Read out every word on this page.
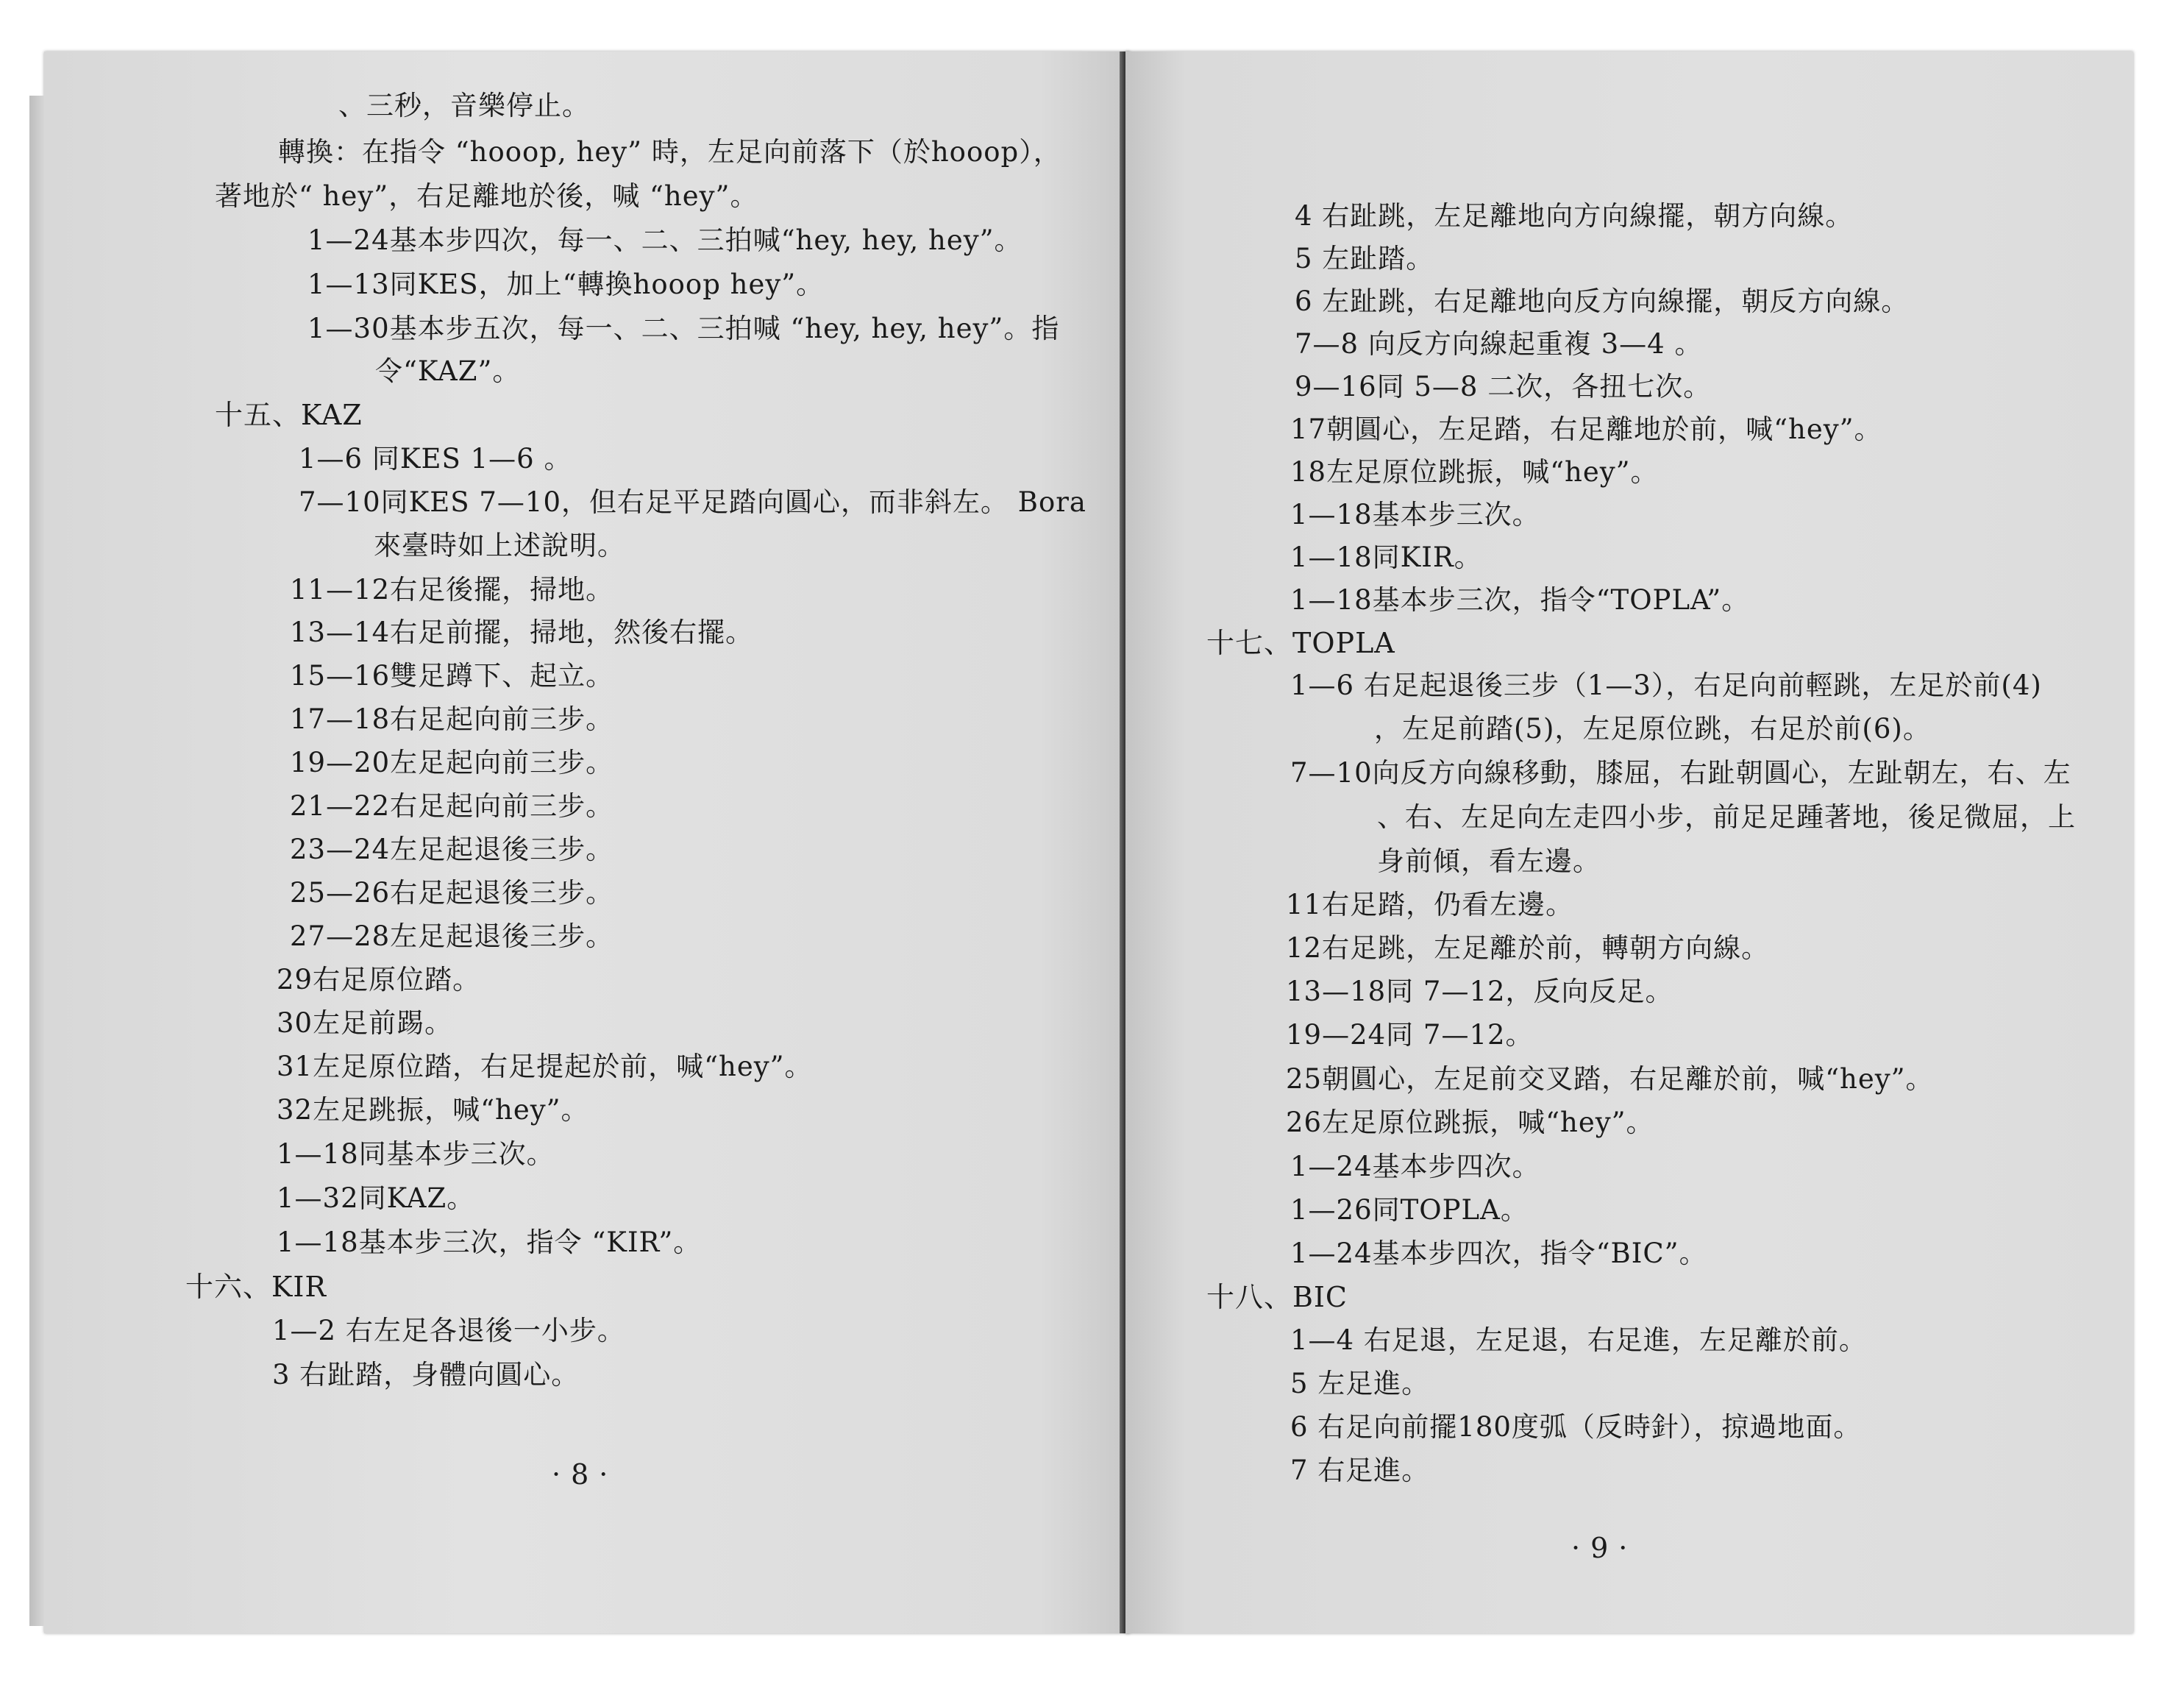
、三秒，音樂停止。
轉換：在指令 “hooop, hey” 時，左足向前落下（於hooop），
著地於“ hey”，右足離地於後，喊 “hey”。
1—24基本步四次，每一、二、三拍喊“hey, hey, hey”。
1—13同KES，加上“轉換hooop hey”。
1—30基本步五次，每一、二、三拍喊 “hey, hey, hey”。指
令“KAZ”。
十五、KAZ
1—6 同KES 1—6 。
7—10同KES 7—10，但右足平足踏向圓心，而非斜左。 Bora
來臺時如上述說明。
11—12右足後擺，掃地。
13—14右足前擺，掃地，然後右擺。
15—16雙足蹲下、起立。
17—18右足起向前三步。
19—20左足起向前三步。
21—22右足起向前三步。
23—24左足起退後三步。
25—26右足起退後三步。
27—28左足起退後三步。
29右足原位踏。
30左足前踢。
31左足原位踏，右足提起於前，喊“hey”。
32左足跳振，喊“hey”。
1—18同基本步三次。
1—32同KAZ。
1—18基本步三次，指令 “KIR”。
十六、KIR
1—2 右左足各退後一小步。
3 右趾踏，身體向圓心。
·8·
4 右趾跳，左足離地向方向線擺，朝方向線。
5 左趾踏。
6 左趾跳，右足離地向反方向線擺，朝反方向線。
7—8 向反方向線起重複 3—4 。
9—16同 5—8 二次，各扭七次。
17朝圓心，左足踏，右足離地於前，喊“hey”。
18左足原位跳振，喊“hey”。
1—18基本步三次。
1—18同KIR。
1—18基本步三次，指令“TOPLA”。
十七、TOPLA
1—6 右足起退後三步（1—3），右足向前輕跳，左足於前(4)
，左足前踏(5)，左足原位跳，右足於前(6)。
7—10向反方向線移動，膝屈，右趾朝圓心，左趾朝左，右、左
、右、左足向左走四小步，前足足踵著地，後足微屈，上
身前傾，看左邊。
11右足踏，仍看左邊。
12右足跳，左足離於前，轉朝方向線。
13—18同 7—12，反向反足。
19—24同 7—12。
25朝圓心，左足前交叉踏，右足離於前，喊“hey”。
26左足原位跳振，喊“hey”。
1—24基本步四次。
1—26同TOPLA。
1—24基本步四次，指令“BIC”。
十八、BIC
1—4 右足退，左足退，右足進，左足離於前。
5 左足進。
6 右足向前擺180度弧（反時針），掠過地面。
7 右足進。
·9·
